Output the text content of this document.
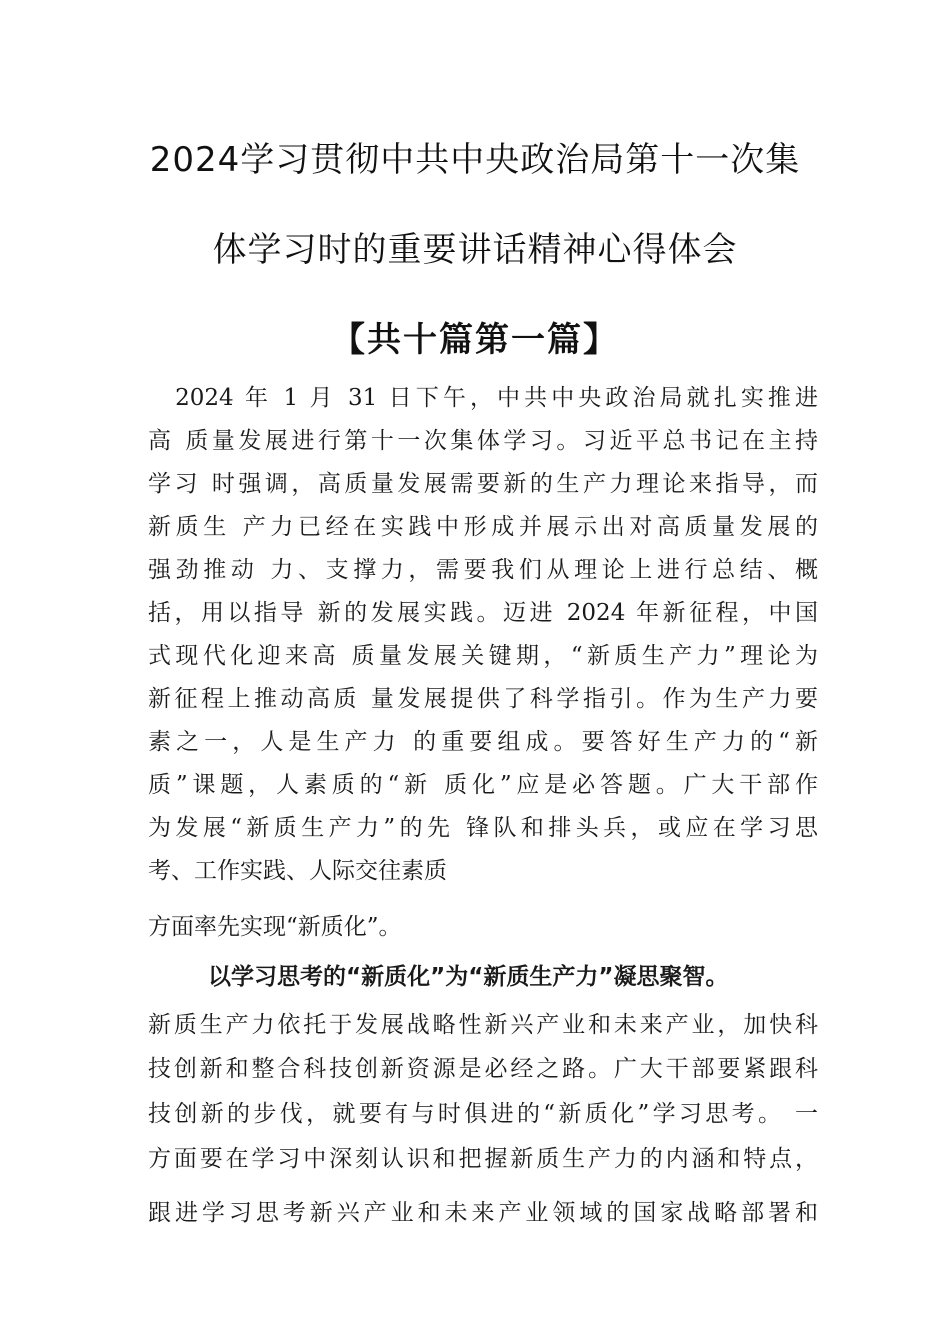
2024学习贯彻中共中央政治局第十一次集
体学习时的重要讲话精神心得体会
【共十篇第一篇】
　2024 年 1 月 31 日下午，中共中央政治局就扎实推进
高 质量发展进行第十一次集体学习。习近平总书记在主持
学习 时强调，高质量发展需要新的生产力理论来指导，而
新质生 产力已经在实践中形成并展示出对高质量发展的
强劲推动 力、支撑力，需要我们从理论上进行总结、概
括，用以指导 新的发展实践。迈进 2024 年新征程，中国
式现代化迎来高 质量发展关键期，“新质生产力”理论为
新征程上推动高质 量发展提供了科学指引。作为生产力要
素之一，人是生产力 的重要组成。要答好生产力的“新
质”课题，人素质的“新 质化”应是必答题。广大干部作
为发展“新质生产力”的先 锋队和排头兵，或应在学习思
考、工作实践、人际交往素质
方面率先实现“新质化”。
以学习思考的“新质化”为“新质生产力”凝思聚智。
新质生产力依托于发展战略性新兴产业和未来产业，加快科
技创新和整合科技创新资源是必经之路。广大干部要紧跟科
技创新的步伐，就要有与时俱进的“新质化”学习思考。 一
方面要在学习中深刻认识和把握新质生产力的内涵和特点，
跟进学习思考新兴产业和未来产业领域的国家战略部署和
